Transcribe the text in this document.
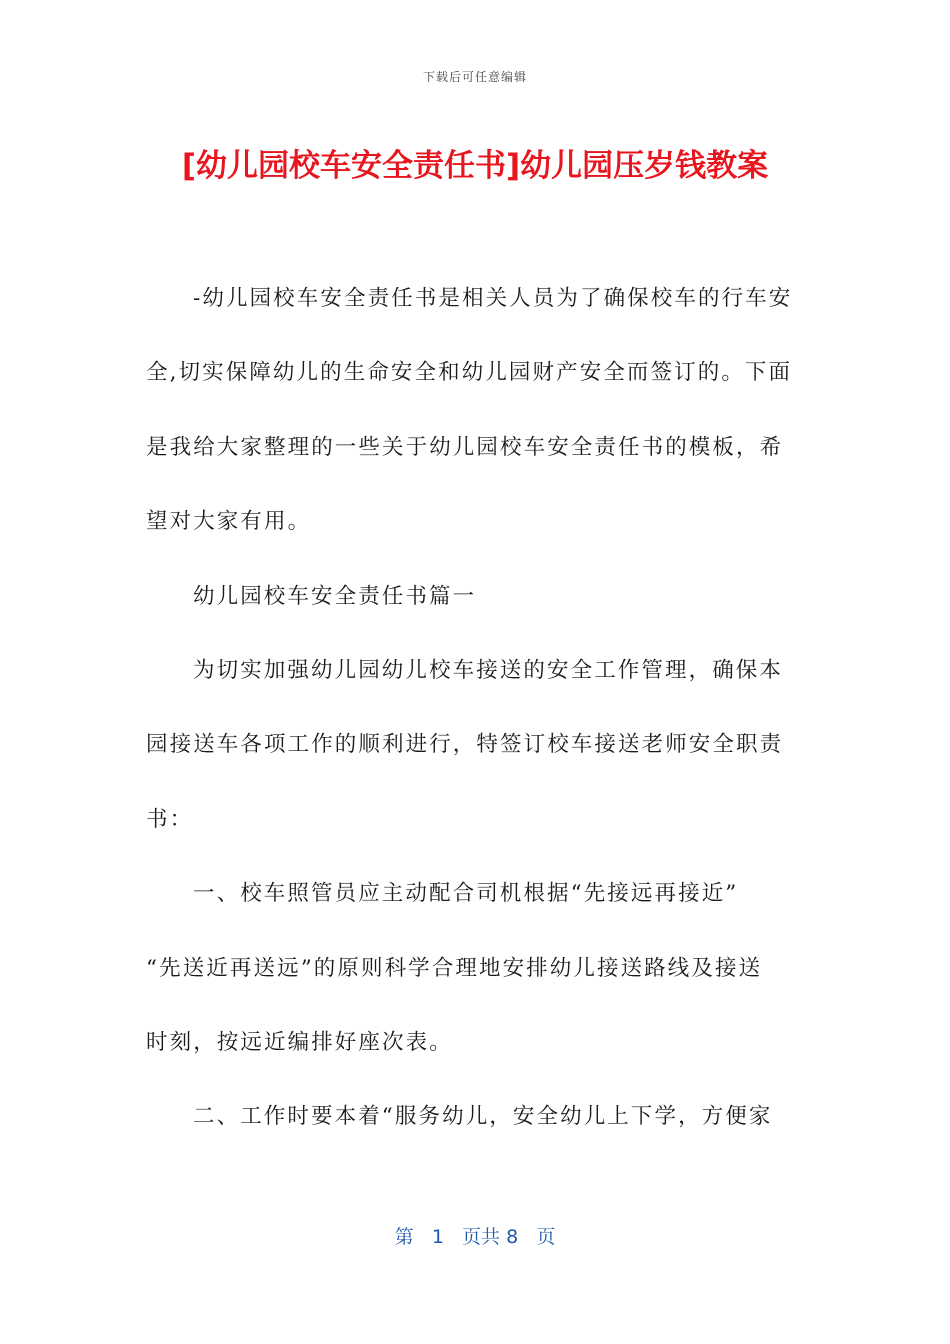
下载后可任意编辑
[幼儿园校车安全责任书]幼儿园压岁钱教案
-幼儿园校车安全责任书是相关人员为了确保校车的行车安
全,切实保障幼儿的生命安全和幼儿园财产安全而签订的。下面
是我给大家整理的一些关于幼儿园校车安全责任书的模板，希
望对大家有用。
幼儿园校车安全责任书篇一
为切实加强幼儿园幼儿校车接送的安全工作管理，确保本
园接送车各项工作的顺利进行，特签订校车接送老师安全职责
书：
一、校车照管员应主动配合司机根据“先接远再接近”
“先送近再送远”的原则科学合理地安排幼儿接送路线及接送
时刻，按远近编排好座次表。
二、工作时要本着“服务幼儿，安全幼儿上下学，方便家
第 1 页共 8 页
